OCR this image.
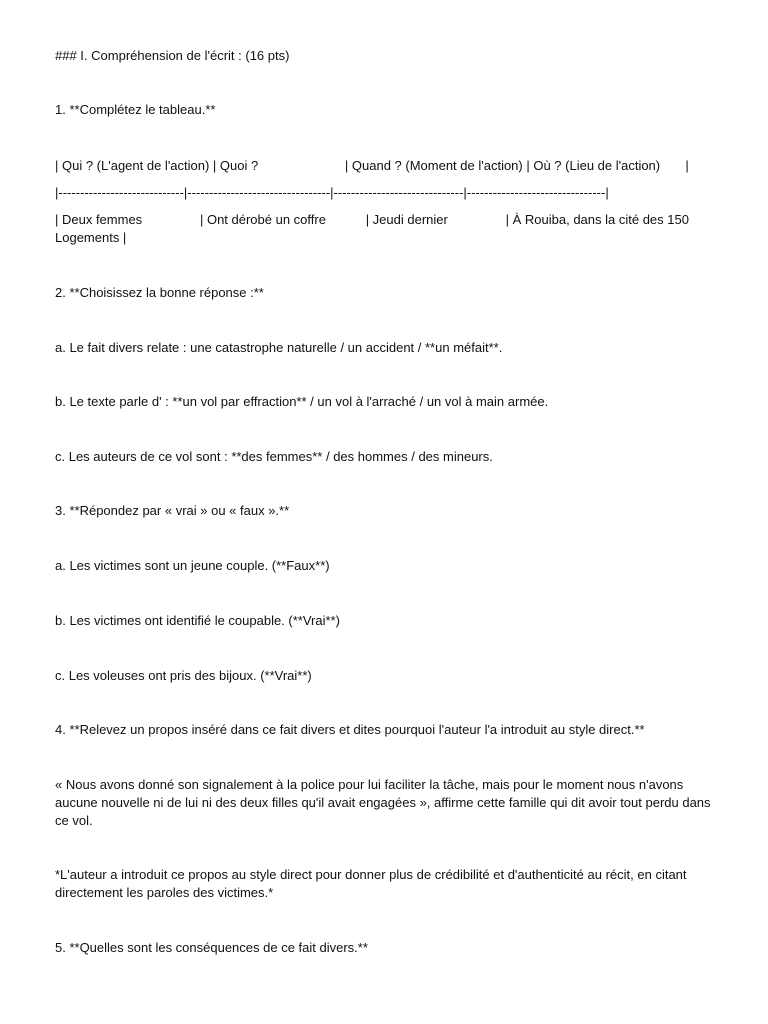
### I. Compréhension de l'écrit : (16 pts)
1. **Complétez le tableau.**
| Qui ? (L'agent de l'action) | Quoi ?                        | Quand ? (Moment de l'action) | Où ? (Lieu de l'action)       |
|-----------------------------|---------------------------------|------------------------------|--------------------------------|
| Deux femmes                | Ont dérobé un coffre           | Jeudi dernier                | À Rouiba, dans la cité des 150 Logements |
2. **Choisissez la bonne réponse :**
a. Le fait divers relate : une catastrophe naturelle / un accident / **un méfait**.
b. Le texte parle d' : **un vol par effraction** / un vol à l'arraché / un vol à main armée.
c. Les auteurs de ce vol sont : **des femmes** / des hommes / des mineurs.
3. **Répondez par « vrai » ou « faux ».**
a. Les victimes sont un jeune couple. (**Faux**)
b. Les victimes ont identifié le coupable. (**Vrai**)
c. Les voleuses ont pris des bijoux. (**Vrai**)
4. **Relevez un propos inséré dans ce fait divers et dites pourquoi l'auteur l'a introduit au style direct.**
« Nous avons donné son signalement à la police pour lui faciliter la tâche, mais pour le moment nous n'avons aucune nouvelle ni de lui ni des deux filles qu'il avait engagées », affirme cette famille qui dit avoir tout perdu dans ce vol.
*L'auteur a introduit ce propos au style direct pour donner plus de crédibilité et d'authenticité au récit, en citant directement les paroles des victimes.*
5. **Quelles sont les conséquences de ce fait divers.**
